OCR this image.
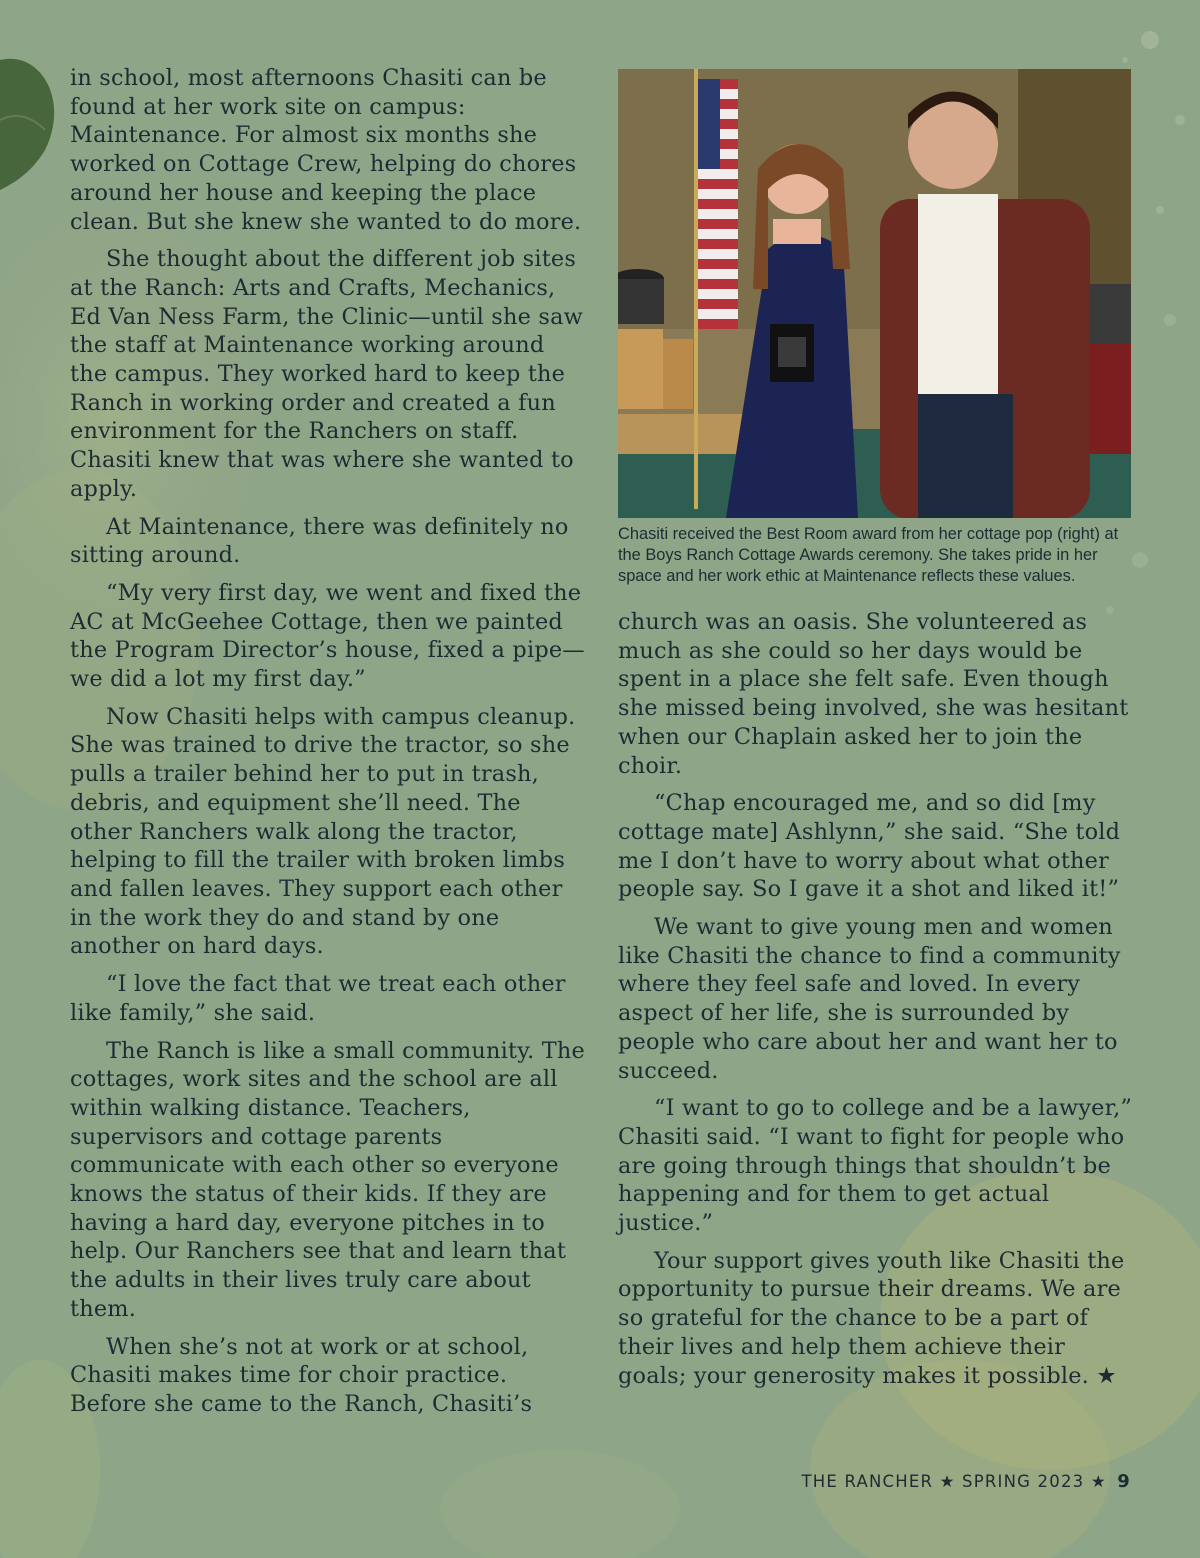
in school, most afternoons Chasiti can be found at her work site on campus: Maintenance. For almost six months she worked on Cottage Crew, helping do chores around her house and keeping the place clean. But she knew she wanted to do more.

She thought about the different job sites at the Ranch: Arts and Crafts, Mechanics, Ed Van Ness Farm, the Clinic—until she saw the staff at Maintenance working around the campus. They worked hard to keep the Ranch in working order and created a fun environment for the Ranchers on staff. Chasiti knew that was where she wanted to apply.

At Maintenance, there was definitely no sitting around.

“My very first day, we went and fixed the AC at McGeehee Cottage, then we painted the Program Director’s house, fixed a pipe—we did a lot my first day.”

Now Chasiti helps with campus cleanup. She was trained to drive the tractor, so she pulls a trailer behind her to put in trash, debris, and equipment she’ll need. The other Ranchers walk along the tractor, helping to fill the trailer with broken limbs and fallen leaves. They support each other in the work they do and stand by one another on hard days.

“I love the fact that we treat each other like family,” she said.

The Ranch is like a small community. The cottages, work sites and the school are all within walking distance. Teachers, supervisors and cottage parents communicate with each other so everyone knows the status of their kids. If they are having a hard day, everyone pitches in to help. Our Ranchers see that and learn that the adults in their lives truly care about them.

When she’s not at work or at school, Chasiti makes time for choir practice. Before she came to the Ranch, Chasiti’s

Chasiti received the Best Room award from her cottage pop (right) at the Boys Ranch Cottage Awards ceremony. She takes pride in her space and her work ethic at Maintenance reflects these values.

church was an oasis. She volunteered as much as she could so her days would be spent in a place she felt safe. Even though she missed being involved, she was hesitant when our Chaplain asked her to join the choir.

“Chap encouraged me, and so did [my cottage mate] Ashlynn,” she said. “She told me I don’t have to worry about what other people say. So I gave it a shot and liked it!”

We want to give young men and women like Chasiti the chance to find a community where they feel safe and loved. In every aspect of her life, she is surrounded by people who care about her and want her to succeed.

“I want to go to college and be a lawyer,” Chasiti said. “I want to fight for people who are going through things that shouldn’t be happening and for them to get actual justice.”

Your support gives youth like Chasiti the opportunity to pursue their dreams. We are so grateful for the chance to be a part of their lives and help them achieve their goals; your generosity makes it possible. ★

THE RANCHER ★ SPRING 2023 ★ 9
